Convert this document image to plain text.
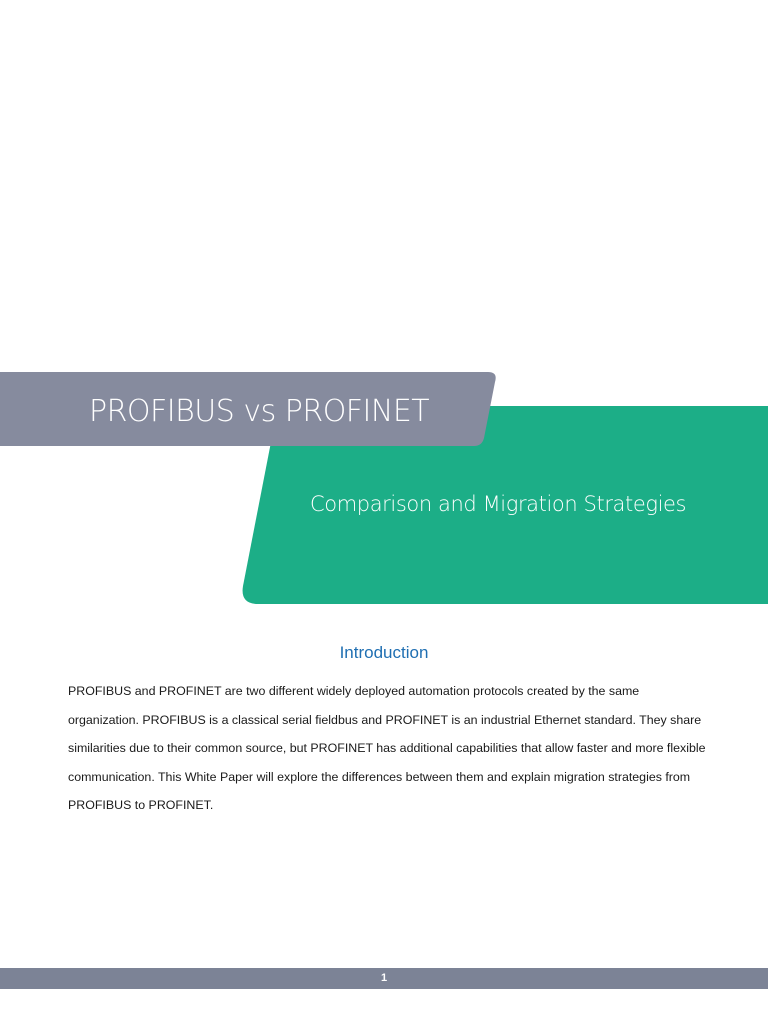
PROFIBUS vs PROFINET
Comparison and Migration Strategies
Introduction

PROFIBUS and PROFINET are two different widely deployed automation protocols created by the same organization. PROFIBUS is a classical serial fieldbus and PROFINET is an industrial Ethernet standard. They share similarities due to their common source, but PROFINET has additional capabilities that allow faster and more flexible communication. This White Paper will explore the differences between them and explain migration strategies from PROFIBUS to PROFINET.

1
